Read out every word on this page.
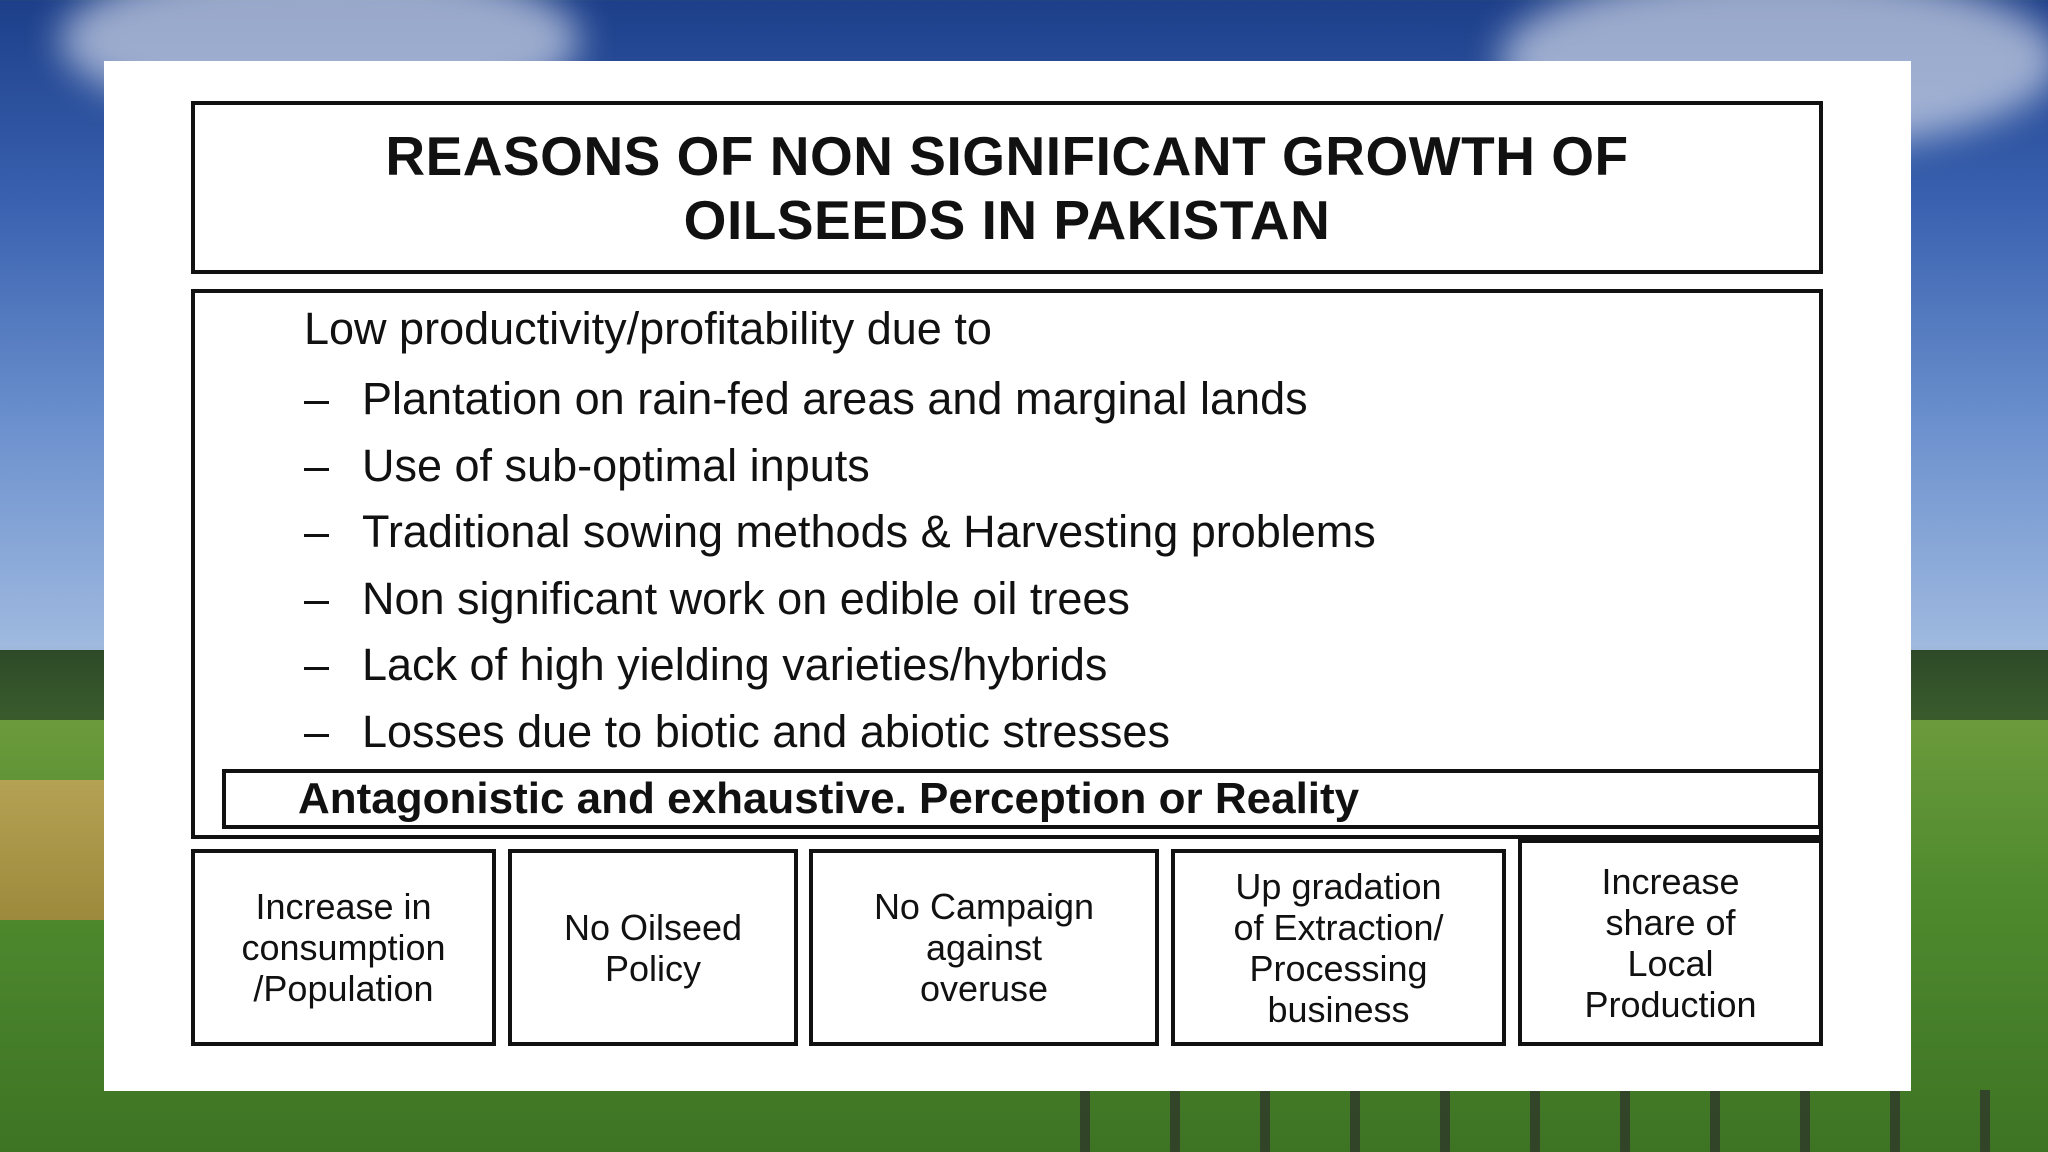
REASONS OF NON SIGNIFICANT GROWTH OF
OILSEEDS IN PAKISTAN
Low productivity/profitability due to
– Plantation on rain-fed areas and marginal lands
– Use of sub-optimal inputs
– Traditional sowing methods & Harvesting problems
– Non significant work on edible oil trees
– Lack of high yielding varieties/hybrids
– Losses due to biotic and abiotic stresses
Antagonistic and exhaustive. Perception or Reality
Increase in
consumption
/Population
No Oilseed
Policy
No Campaign
against
overuse
Up gradation
of Extraction/
Processing
business
Increase
share of
Local
Production
